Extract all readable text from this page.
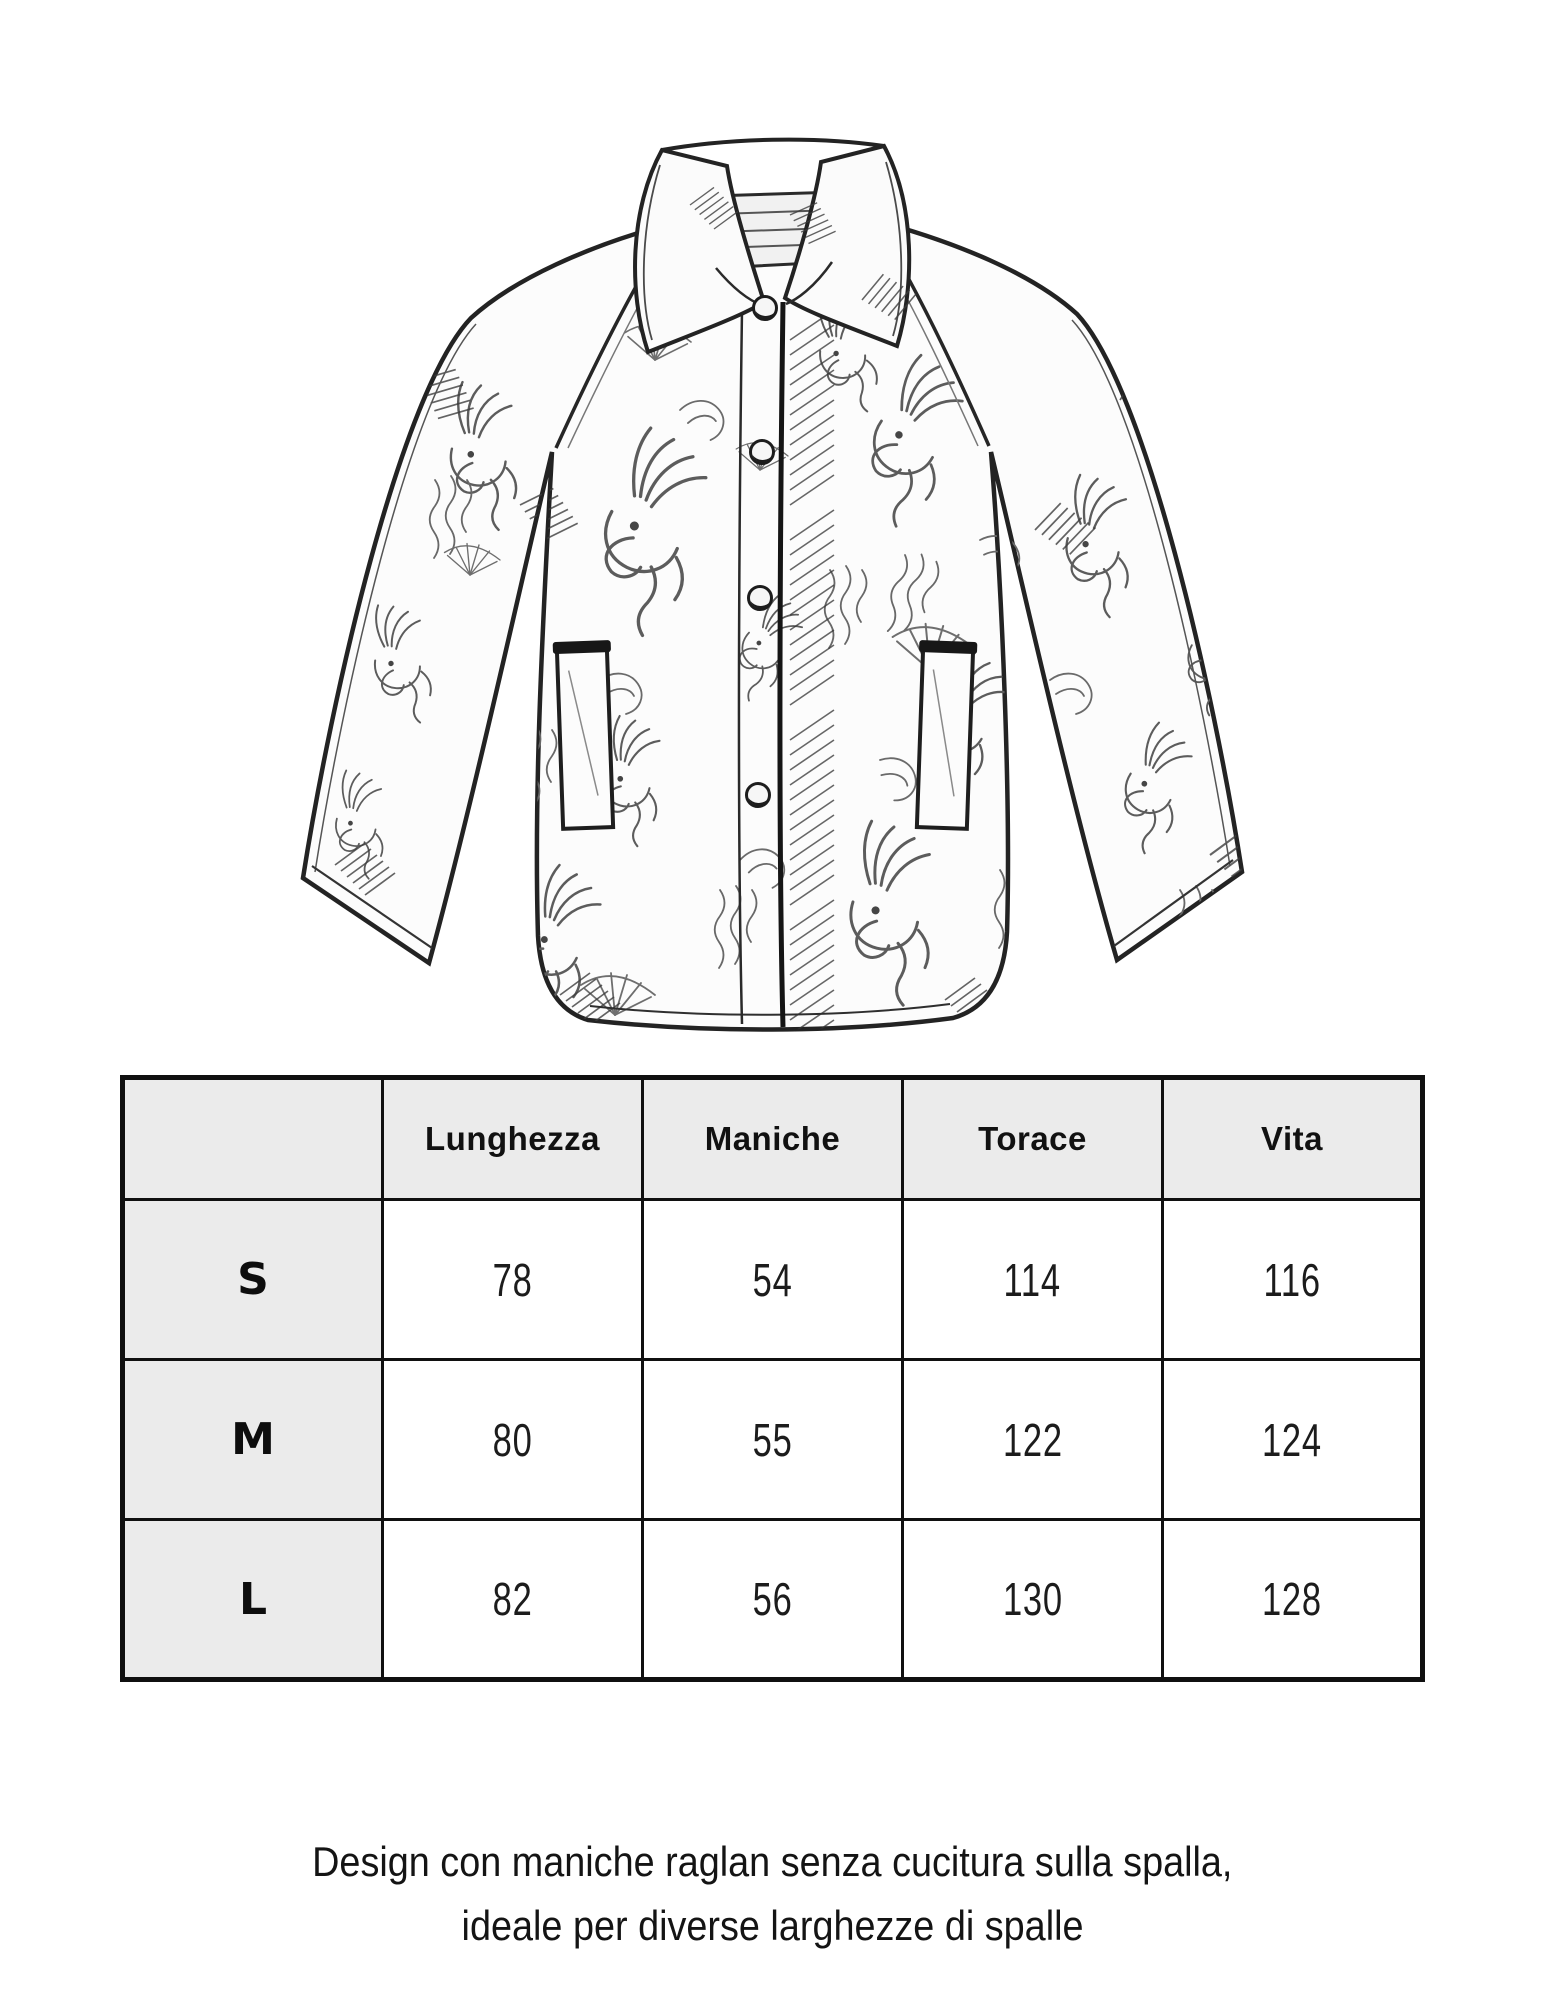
	Lunghezza	Maniche	Torace	Vita
S	78	54	114	116
M	80	55	122	124
L	82	56	130	128
Design con maniche raglan senza cucitura sulla spalla,
ideale per diverse larghezze di spalle
